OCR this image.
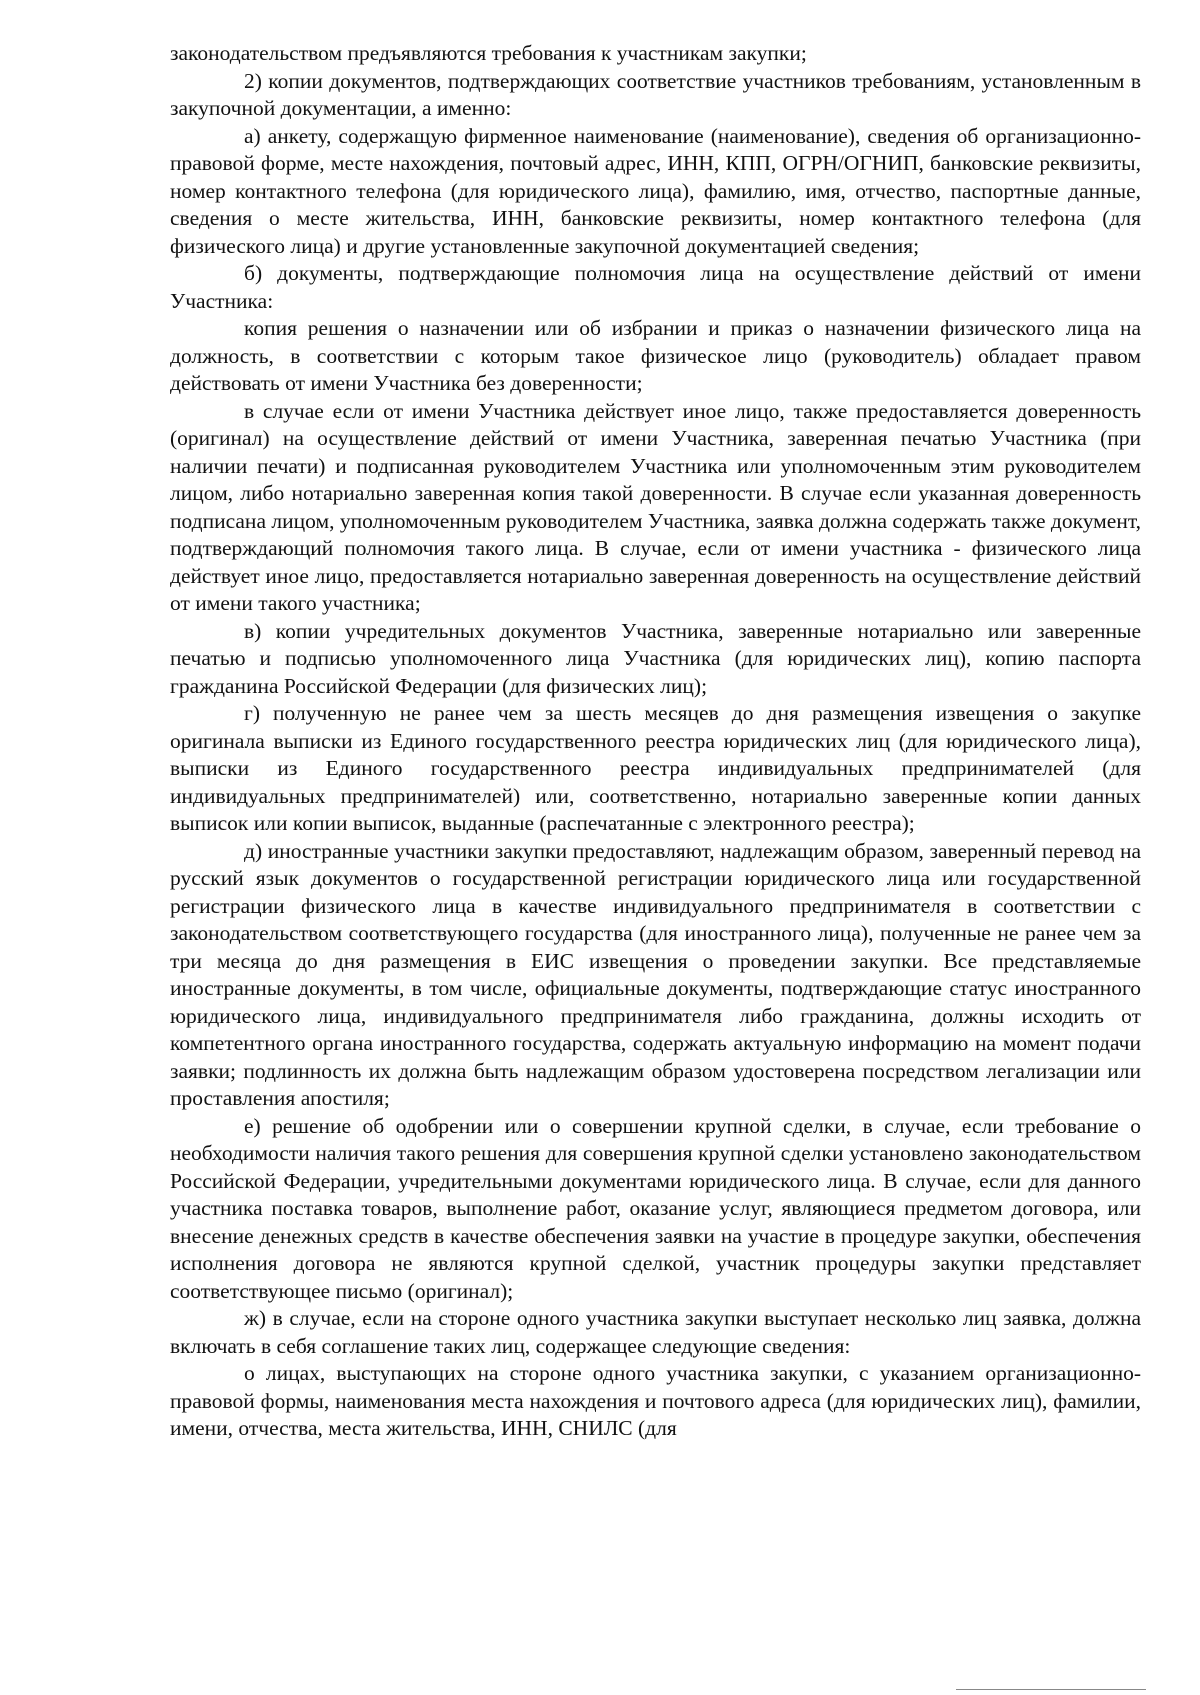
законодательством предъявляются требования к участникам закупки;

2) копии документов, подтверждающих соответствие участников требованиям, установленным в закупочной документации, а именно:

а) анкету, содержащую фирменное наименование (наименование), сведения об организационно-правовой форме, месте нахождения, почтовый адрес, ИНН, КПП, ОГРН/ОГНИП, банковские реквизиты, номер контактного телефона (для юридического лица), фамилию, имя, отчество, паспортные данные, сведения о месте жительства, ИНН, банковские реквизиты, номер контактного телефона (для физического лица) и другие установленные закупочной документацией сведения;

б) документы, подтверждающие полномочия лица на осуществление действий от имени Участника:

копия решения о назначении или об избрании и приказ о назначении физического лица на должность, в соответствии с которым такое физическое лицо (руководитель) обладает правом действовать от имени Участника без доверенности;

в случае если от имени Участника действует иное лицо, также предоставляется доверенность (оригинал) на осуществление действий от имени Участника, заверенная печатью Участника (при наличии печати) и подписанная руководителем Участника или уполномоченным этим руководителем лицом, либо нотариально заверенная копия такой доверенности. В случае если указанная доверенность подписана лицом, уполномоченным руководителем Участника, заявка должна содержать также документ, подтверждающий полномочия такого лица. В случае, если от имени участника - физического лица действует иное лицо, предоставляется нотариально заверенная доверенность на осуществление действий от имени такого участника;

в) копии учредительных документов Участника, заверенные нотариально или заверенные печатью и подписью уполномоченного лица Участника (для юридических лиц), копию паспорта гражданина Российской Федерации (для физических лиц);

г) полученную не ранее чем за шесть месяцев до дня размещения извещения о закупке оригинала выписки из Единого государственного реестра юридических лиц (для юридического лица), выписки из Единого государственного реестра индивидуальных предпринимателей (для индивидуальных предпринимателей) или, соответственно, нотариально заверенные копии данных выписок или копии выписок, выданные (распечатанные с электронного реестра);

д) иностранные участники закупки предоставляют, надлежащим образом, заверенный перевод на русский язык документов о государственной регистрации юридического лица или государственной регистрации физического лица в качестве индивидуального предпринимателя в соответствии с законодательством соответствующего государства (для иностранного лица), полученные не ранее чем за три месяца до дня размещения в ЕИС извещения о проведении закупки. Все представляемые иностранные документы, в том числе, официальные документы, подтверждающие статус иностранного юридического лица, индивидуального предпринимателя либо гражданина, должны исходить от компетентного органа иностранного государства, содержать актуальную информацию на момент подачи заявки; подлинность их должна быть надлежащим образом удостоверена посредством легализации или проставления апостиля;

е) решение об одобрении или о совершении крупной сделки, в случае, если требование о необходимости наличия такого решения для совершения крупной сделки установлено законодательством Российской Федерации, учредительными документами юридического лица. В случае, если для данного участника поставка товаров, выполнение работ, оказание услуг, являющиеся предметом договора, или внесение денежных средств в качестве обеспечения заявки на участие в процедуре закупки, обеспечения исполнения договора не являются крупной сделкой, участник процедуры закупки представляет соответствующее письмо (оригинал);

ж) в случае, если на стороне одного участника закупки выступает несколько лиц заявка, должна включать в себя соглашение таких лиц, содержащее следующие сведения:

о лицах, выступающих на стороне одного участника закупки, с указанием организационно-правовой формы, наименования места нахождения и почтового адреса (для юридических лиц), фамилии, имени, отчества, места жительства, ИНН, СНИЛС (для
